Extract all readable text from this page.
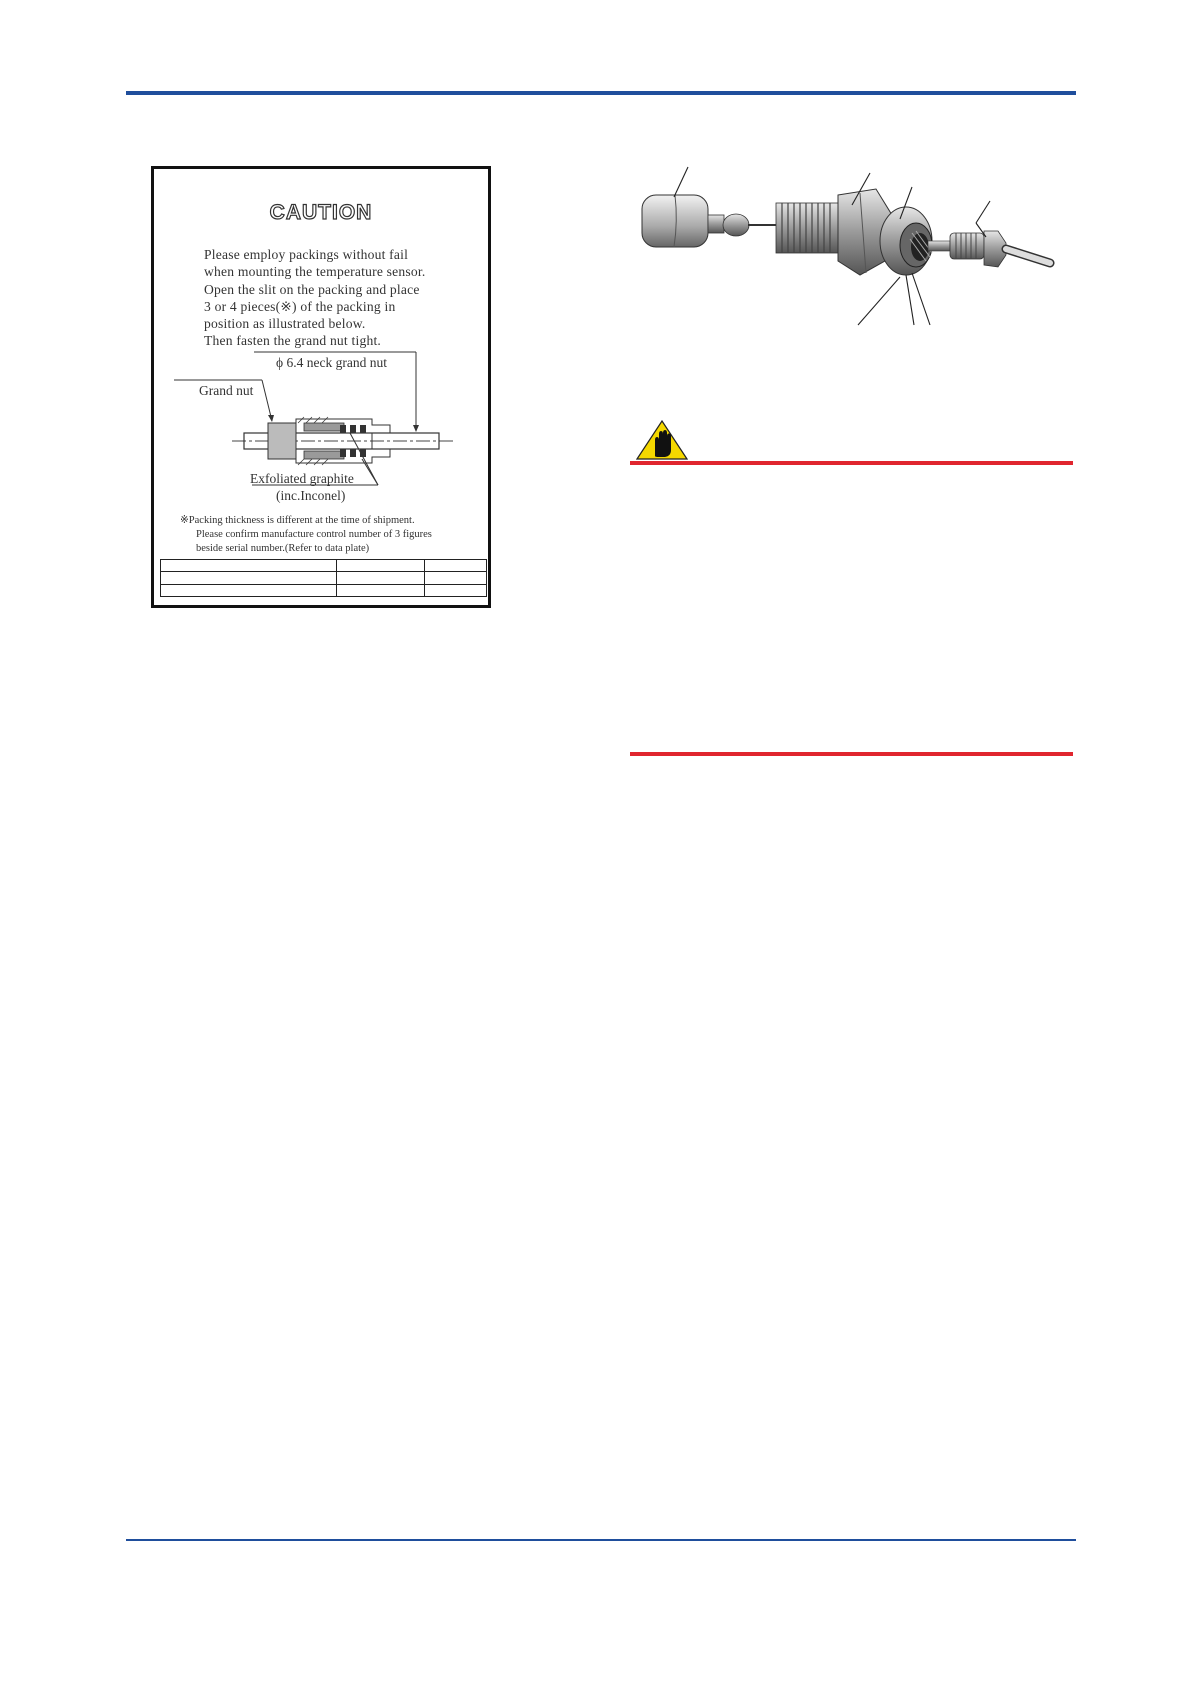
CAUTION
Please employ packings without fail
when mounting the temperature sensor.
Open the slit on the packing and place
3 or 4 pieces(※) of the packing in
position as illustrated below.
Then fasten the grand nut tight.
ϕ 6.4 neck grand nut
Grand nut
Exfoliated graphite
(inc.Inconel)
※Packing thickness is different at the time of shipment.
Please confirm manufacture control number of 3 figures
beside serial number.(Refer to data plate)
